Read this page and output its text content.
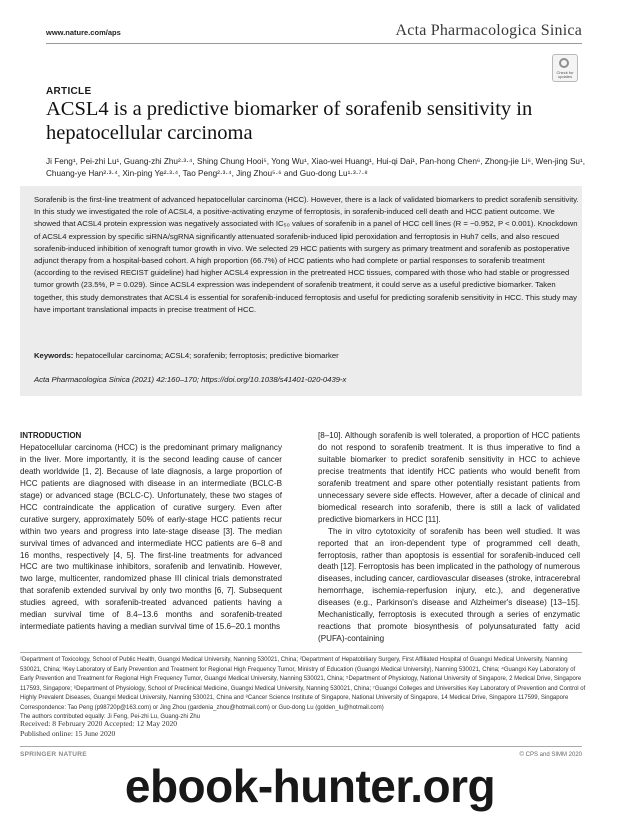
www.nature.com/aps	Acta Pharmacologica Sinica
Check for updates
ARTICLE
ACSL4 is a predictive biomarker of sorafenib sensitivity in hepatocellular carcinoma
Ji Feng¹, Pei-zhi Lu¹, Guang-zhi Zhu²·³·⁴, Shing Chung Hooi⁵, Yong Wu¹, Xiao-wei Huang¹, Hui-qi Dai¹, Pan-hong Chen⁶, Zhong-jie Li⁶, Wen-jing Su¹, Chuang-ye Han²·³·⁴, Xin-ping Ye²·³·⁴, Tao Peng²·³·⁴, Jing Zhou⁵·⁶ and Guo-dong Lu¹·³·⁷·⁸
Sorafenib is the first-line treatment of advanced hepatocellular carcinoma (HCC). However, there is a lack of validated biomarkers to predict sorafenib sensitivity. In this study we investigated the role of ACSL4, a positive-activating enzyme of ferroptosis, in sorafenib-induced cell death and HCC patient outcome. We showed that ACSL4 protein expression was negatively associated with IC₅₀ values of sorafenib in a panel of HCC cell lines (R = −0.952, P < 0.001). Knockdown of ACSL4 expression by specific siRNA/sgRNA significantly attenuated sorafenib-induced lipid peroxidation and ferroptosis in Huh7 cells, and also rescued sorafenib-induced inhibition of xenograft tumor growth in vivo. We selected 29 HCC patients with surgery as primary treatment and sorafenib as postoperative adjunct therapy from a hospital-based cohort. A high proportion (66.7%) of HCC patients who had complete or partial responses to sorafenib treatment (according to the revised RECIST guideline) had higher ACSL4 expression in the pretreated HCC tissues, compared with those who had stable or progressed tumor growth (23.5%, P = 0.029). Since ACSL4 expression was independent of sorafenib treatment, it could serve as a useful predictive biomarker. Taken together, this study demonstrates that ACSL4 is essential for sorafenib-induced ferroptosis and useful for predicting sorafenib sensitivity in HCC. This study may have important translational impacts in precise treatment of HCC.
Keywords: hepatocellular carcinoma; ACSL4; sorafenib; ferroptosis; predictive biomarker
Acta Pharmacologica Sinica (2021) 42:160–170; https://doi.org/10.1038/s41401-020-0439-x
INTRODUCTION

Hepatocellular carcinoma (HCC) is the predominant primary malignancy in the liver. More importantly, it is the second leading cause of cancer death worldwide [1, 2]. Because of late diagnosis, a large proportion of HCC patients are diagnosed with disease in an intermediate (BCLC-B stage) or advanced stage (BCLC-C). Unfortunately, these two stages of HCC contraindicate the application of curative surgery. Even after curative surgery, approximately 50% of early-stage HCC patients recur within two years and progress into late-stage disease [3]. The median survival times of advanced and intermediate HCC patients are 6–8 and 16 months, respectively [4, 5]. The first-line treatments for advanced HCC are two multikinase inhibitors, sorafenib and lenvatinib. However, two large, multicenter, randomized phase III clinical trials demonstrated that sorafenib extended survival by only two months [6, 7]. Subsequent studies agreed, with sorafenib-treated advanced patients having a median survival time of 8.4–13.6 months and sorafenib-treated intermediate patients having a median survival time of 15.6–20.1 months

[8–10]. Although sorafenib is well tolerated, a proportion of HCC patients do not respond to sorafenib treatment. It is thus imperative to find a suitable biomarker to predict sorafenib sensitivity in HCC to achieve precise treatments that identify HCC patients who would benefit from sorafenib treatment and spare other potentially resistant patients from unnecessary severe side effects. However, after a decade of clinical and biomedical research into sorafenib, there is still a lack of validated predictive biomarkers in HCC [11].

The in vitro cytotoxicity of sorafenib has been well studied. It was reported that an iron-dependent type of programmed cell death, ferroptosis, rather than apoptosis is essential for sorafenib-induced cell death [12]. Ferroptosis has been implicated in the pathology of numerous diseases, including cancer, cardiovascular diseases (stroke, intracerebral hemorrhage, ischemia-reperfusion injury, etc.), and degenerative diseases (e.g., Parkinson's disease and Alzheimer's disease) [13–15]. Mechanistically, ferroptosis is executed through a series of enzymatic reactions that promote biosynthesis of polyunsaturated fatty acid (PUFA)-containing

¹Department of Toxicology, School of Public Health, Guangxi Medical University, Nanning 530021, China; ²Department of Hepatobiliary Surgery, First Affiliated Hospital of Guangxi Medical University, Nanning 530021, China; ³Key Laboratory of Early Prevention and Treatment for Regional High Frequency Tumor, Ministry of Education (Guangxi Medical University), Nanning 530021, China; ⁴Guangxi Key Laboratory of Early Prevention and Treatment for Regional High Frequency Tumor, Guangxi Medical University, Nanning 530021, China; ⁵Department of Physiology, National University of Singapore, 2 Medical Drive, Singapore 117593, Singapore; ⁶Department of Physiology, School of Preclinical Medicine, Guangxi Medical University, Nanning 530021, China; ⁷Guangxi Colleges and Universities Key Laboratory of Prevention and Control of Highly Prevalent Diseases, Guangxi Medical University, Nanning 530021, China and ⁸Cancer Science Institute of Singapore, National University of Singapore, 14 Medical Drive, Singapore 117599, Singapore
Correspondence: Tao Peng (p98720p@163.com) or Jing Zhou (gardenia_zhou@hotmail.com) or Guo-dong Lu (golden_lu@hotmail.com)
The authors contributed equally: Ji Feng, Pei-zhi Lu, Guang-zhi Zhu
Received: 8 February 2020 Accepted: 12 May 2020
Published online: 15 June 2020
SPRINGER NATURE	© CPS and SIMM 2020
ebook-hunter.org
